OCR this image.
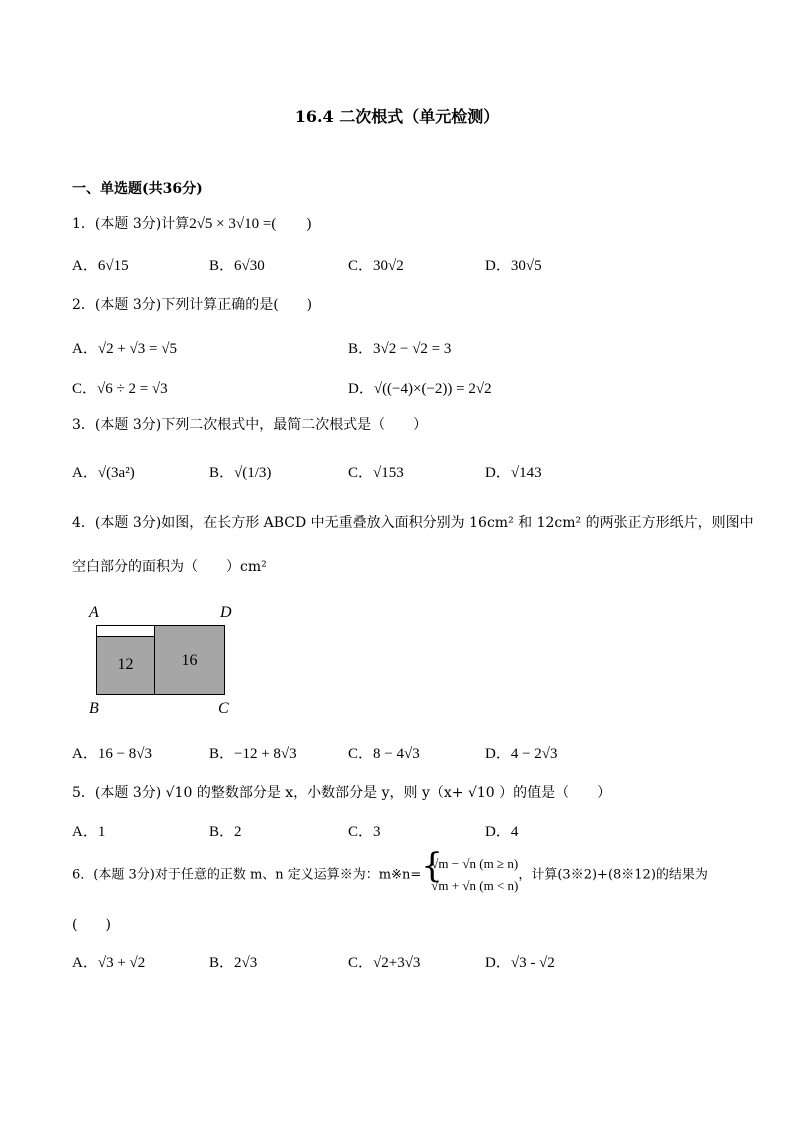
16.4 二次根式（单元检测）
一、单选题(共36分)
1．(本题 3分)计算2√5 × 3√10 =(　　)
A．6√15	B．6√30	C．30√2	D．30√5
2．(本题 3分)下列计算正确的是(　　)
A．√2 + √3 = √5	B．3√2 − √2 = 3
C．√6 ÷ 2 = √3	D．√((−4)×(−2)) = 2√2
3．(本题 3分)下列二次根式中，最简二次根式是（　　）
A．√(3a²)	B．√(1/3)	C．√153	D．√143
4．(本题 3分)如图，在长方形 ABCD 中无重叠放入面积分别为 16cm² 和 12cm² 的两张正方形纸片，则图中
空白部分的面积为（　　）cm²
A	D
B	C
12	16
A．16 − 8√3	B．−12 + 8√3	C．8 − 4√3	D．4 − 2√3
5．(本题 3分) √10 的整数部分是 x，小数部分是 y，则 y（x+ √10 ）的值是（　　）
A．1	B．2	C．3	D．4
6．(本题 3分)对于任意的正数 m、n 定义运算※为：m※n= {
√m − √n (m ≥ n)
√m + √n (m < n)
，计算(3※2)+(8※12)的结果为
(　　)
A．√3 + √2	B．2√3	C．√2+3√3	D．√3 - √2
